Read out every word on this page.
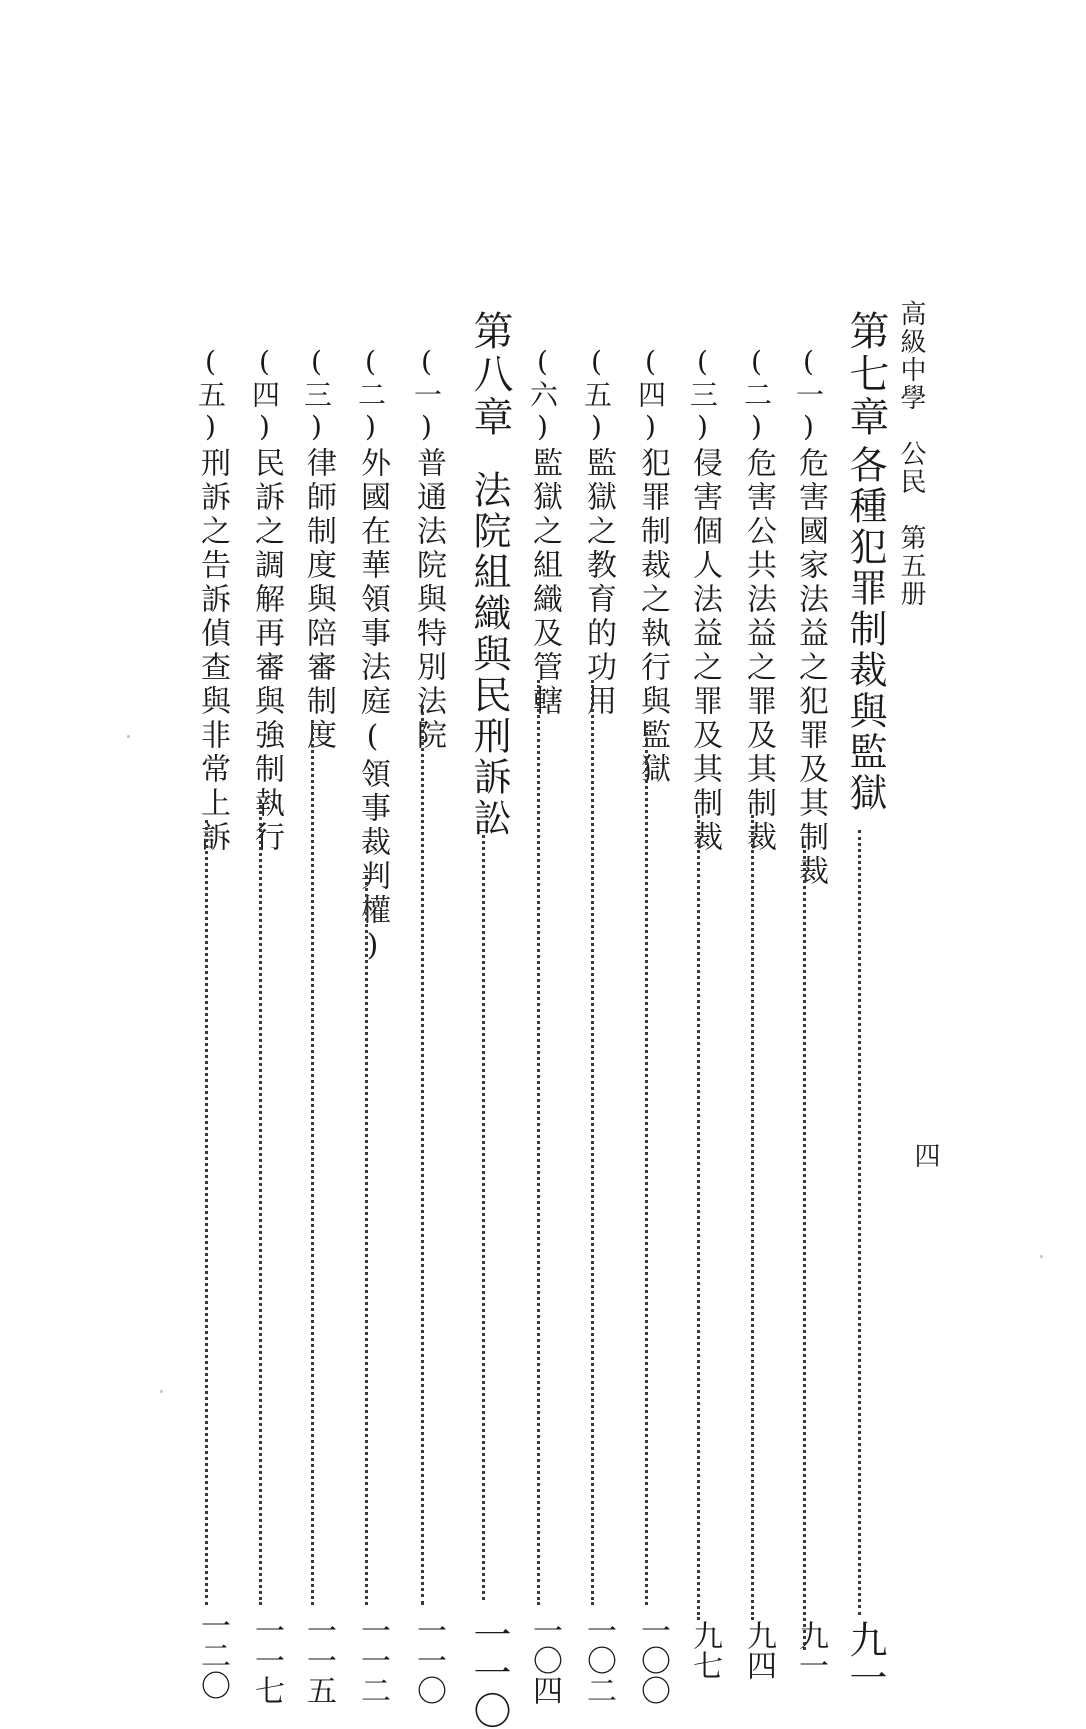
高級中學公民第五册
四
第七章
各種犯罪制裁與監獄
九一
(一)
危害國家法益之犯罪及其制裁
九一
(二)
危害公共法益之罪及其制裁
九四
(三)
侵害個人法益之罪及其制裁
九七
(四)
犯罪制裁之執行與監獄
一〇〇
(五)
監獄之教育的功用
一〇二
(六)
監獄之組織及管轄
一〇四
第八章
法院組織與民刑訴訟
一一〇
(一)
普通法院與特別法院
一一〇
(二)
外國在華領事法庭(領事裁判權)
一一二
(三)
律師制度與陪審制度
一一五
(四)
民訴之調解再審與強制執行
一一七
(五)
刑訴之告訴偵查與非常上訴
一二〇
